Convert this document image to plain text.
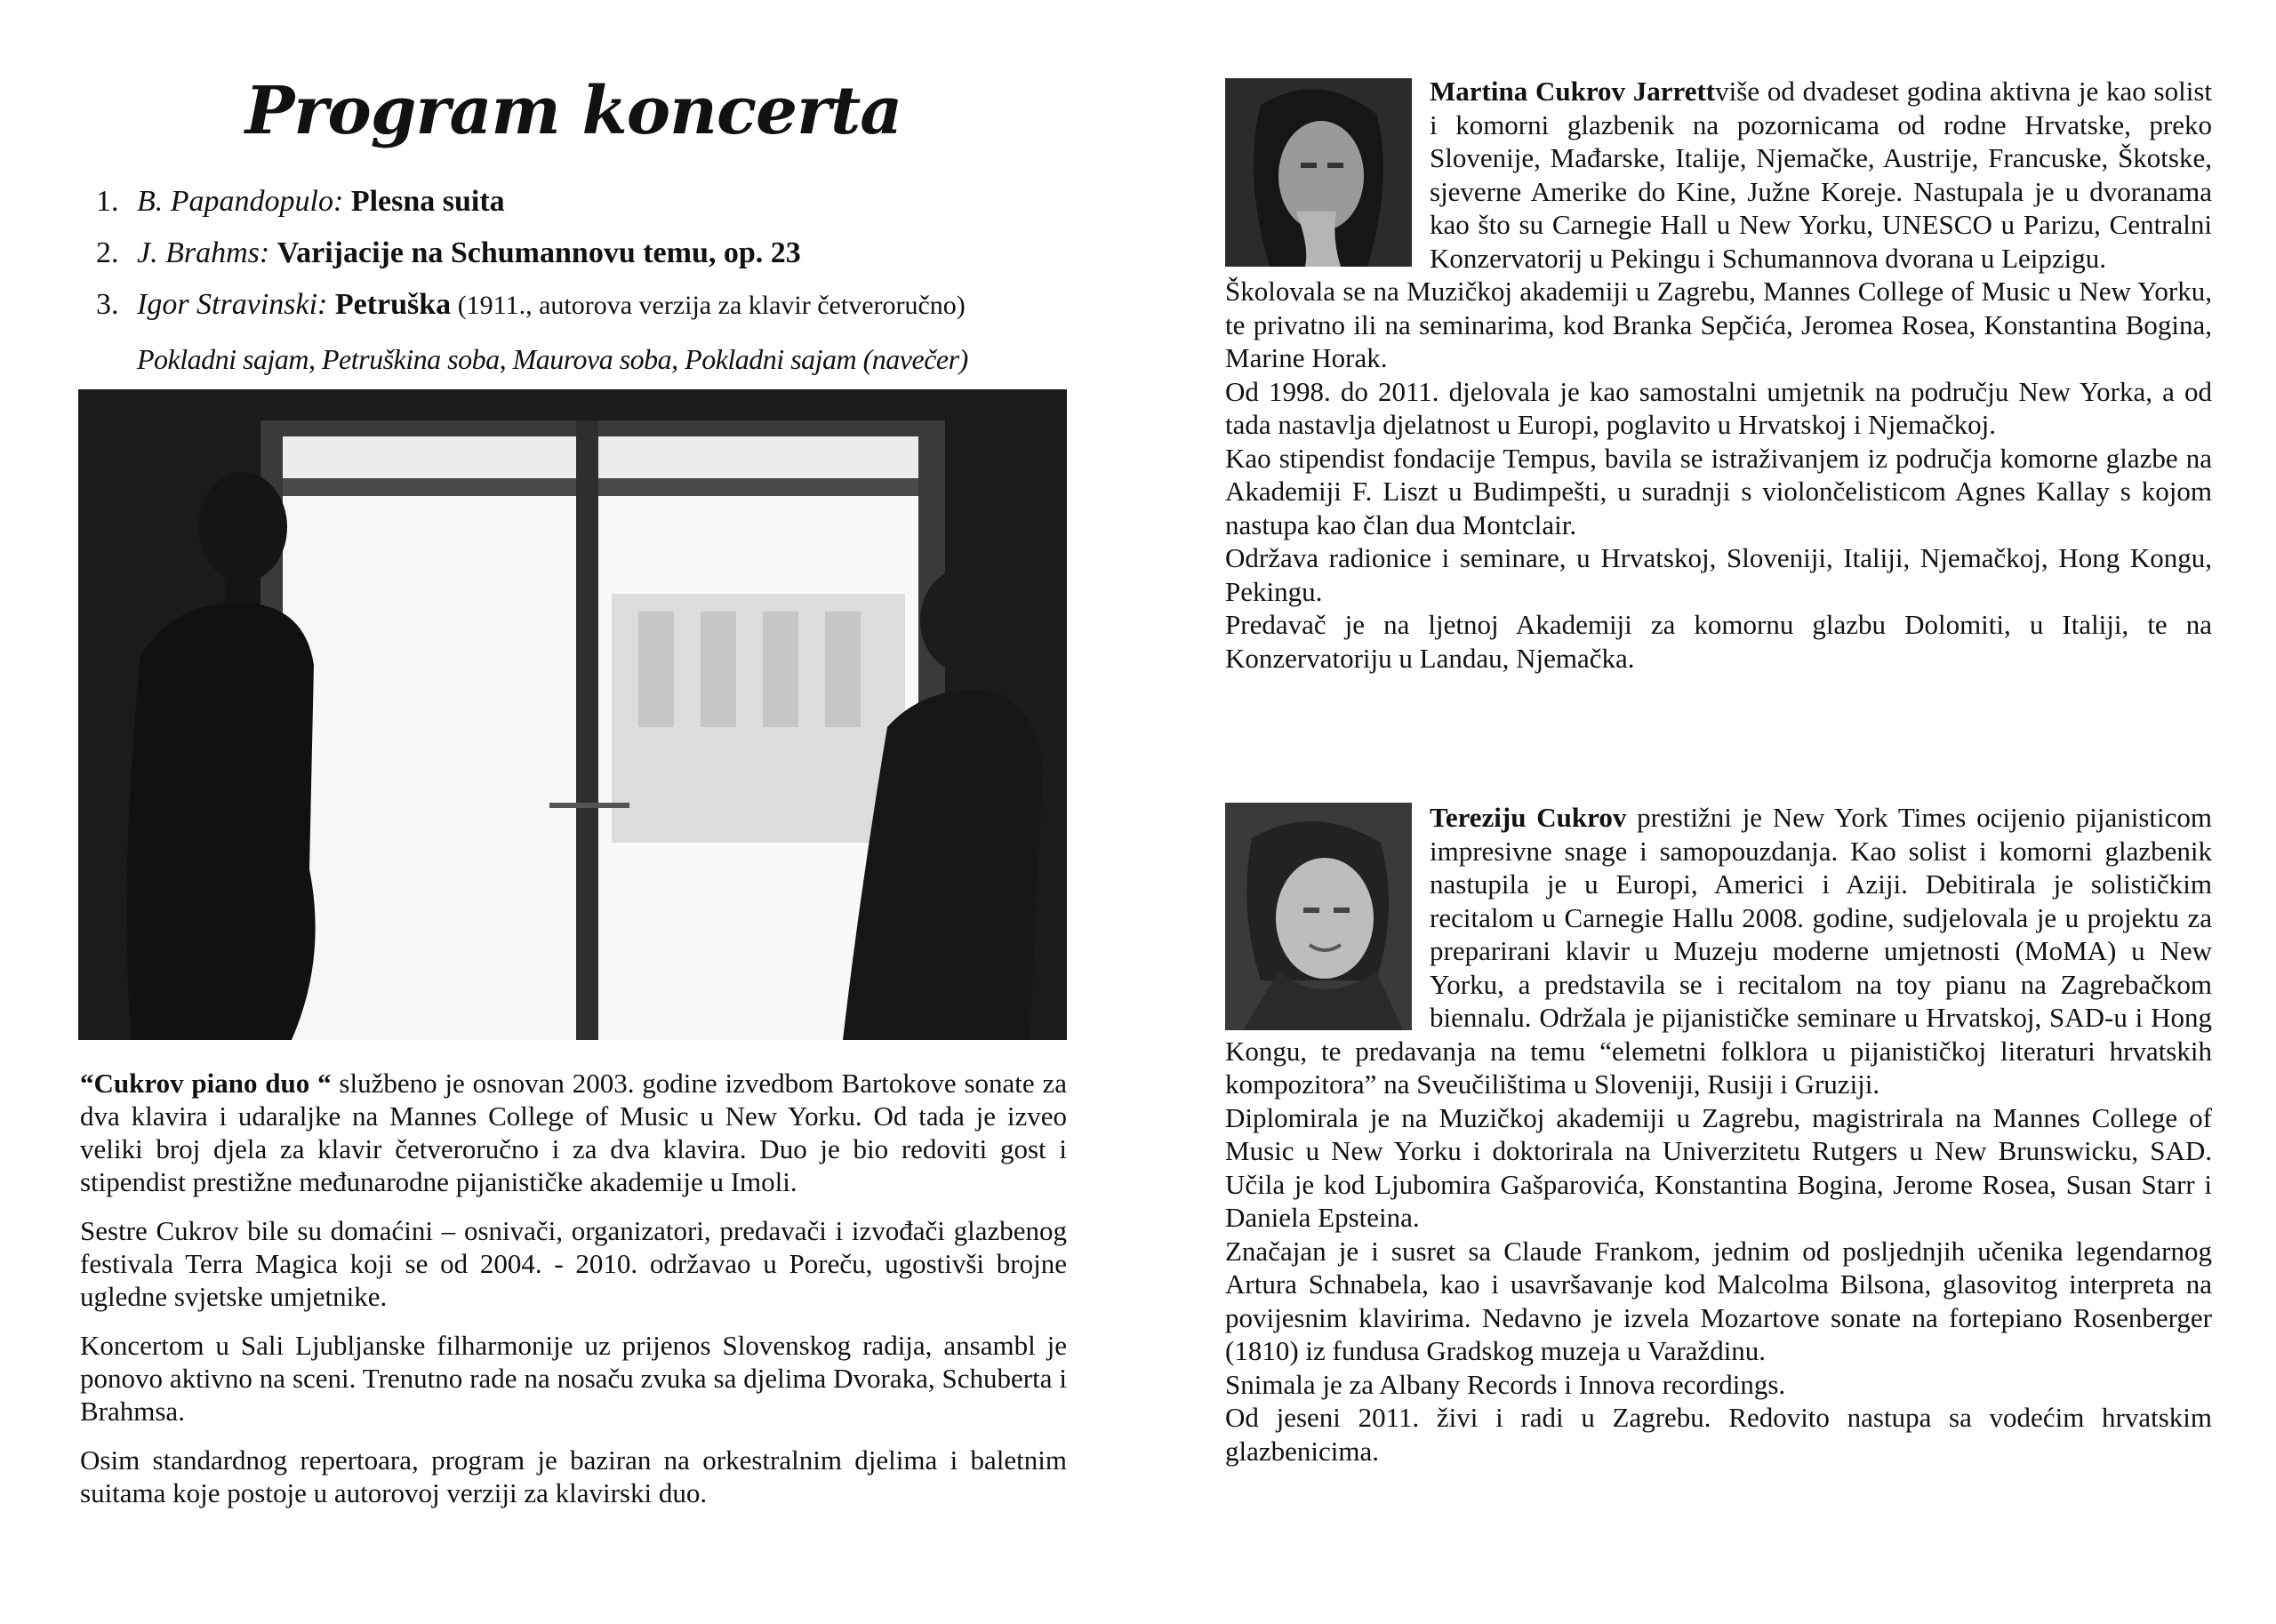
Program koncerta
1. B. Papandopulo: Plesna suita
2. J. Brahms: Varijacije na Schumannovu temu, op. 23
3. Igor Stravinski: Petruška (1911., autorova verzija za klavir četveroručno)
Pokladni sajam, Petruškina soba, Maurova soba, Pokladni sajam (navečer)

“Cukrov piano duo “ službeno je osnovan 2003. godine izvedbom Bartokove sonate za dva klavira i udaraljke na Mannes College of Music u New Yorku. Od tada je izveo veliki broj djela za klavir četveroručno i za dva klavira. Duo je bio redoviti gost i stipendist prestižne međunarodne pijanističke akademije u Imoli.

Sestre Cukrov bile su domaćini – osnivači, organizatori, predavači i izvođači glazbenog festivala Terra Magica koji se od 2004. - 2010. održavao u Poreču, ugostivši brojne ugledne svjetske umjetnike.

Koncertom u Sali Ljubljanske filharmonije uz prijenos Slovenskog radija, ansambl je ponovo aktivno na sceni. Trenutno rade na nosaču zvuka sa djelima Dvoraka, Schuberta i Brahmsa.

Osim standardnog repertoara, program je baziran na orkestralnim djelima i baletnim suitama koje postoje u autorovoj verziji za klavirski duo.

Martina Cukrov Jarrettviše od dvadeset godina aktivna je kao solist i komorni glazbenik na pozornicama od rodne Hrvatske, preko Slovenije, Mađarske, Italije, Njemačke, Austrije, Francuske, Škotske, sjeverne Amerike do Kine, Južne Koreje. Nastupala je u dvoranama kao što su Carnegie Hall u New Yorku, UNESCO u Parizu, Centralni Konzervatorij u Pekingu i Schumannova dvorana u Leipzigu.
Školovala se na Muzičkoj akademiji u Zagrebu, Mannes College of Music u New Yorku, te privatno ili na seminarima, kod Branka Sepčića, Jeromea Rosea, Konstantina Bogina, Marine Horak.
Od 1998. do 2011. djelovala je kao samostalni umjetnik na području New Yorka, a od tada nastavlja djelatnost u Europi, poglavito u Hrvatskoj i Njemačkoj.
Kao stipendist fondacije Tempus, bavila se istraživanjem iz područja komorne glazbe na Akademiji F. Liszt u Budimpešti, u suradnji s violončelisticom Agnes Kallay s kojom nastupa kao član dua Montclair.
Održava radionice i seminare, u Hrvatskoj, Sloveniji, Italiji, Njemačkoj, Hong Kongu, Pekingu.
Predavač je na ljetnoj Akademiji za komornu glazbu Dolomiti, u Italiji, te na Konzervatoriju u Landau, Njemačka.
Tereziju Cukrov prestižni je New York Times ocijenio pijanisticom impresivne snage i samopouzdanja. Kao solist i komorni glazbenik nastupila je u Europi, Americi i Aziji. Debitirala je solističkim recitalom u Carnegie Hallu 2008. godine, sudjelovala je u projektu za preparirani klavir u Muzeju moderne umjetnosti (MoMA) u New Yorku, a predstavila se i recitalom na toy pianu na Zagrebačkom biennalu. Održala je pijanističke seminare u Hrvatskoj, SAD-u i Hong Kongu, te predavanja na temu “elemetni folklora u pijanističkoj literaturi hrvatskih kompozitora” na Sveučilištima u Sloveniji, Rusiji i Gruziji.
Diplomirala je na Muzičkoj akademiji u Zagrebu, magistrirala na Mannes College of Music u New Yorku i doktorirala na Univerzitetu Rutgers u New Brunswicku, SAD. Učila je kod Ljubomira Gašparovića, Konstantina Bogina, Jerome Rosea, Susan Starr i Daniela Epsteina.
Značajan je i susret sa Claude Frankom, jednim od posljednjih učenika legendarnog Artura Schnabela, kao i usavršavanje kod Malcolma Bilsona, glasovitog interpreta na povijesnim klavirima. Nedavno je izvela Mozartove sonate na fortepiano Rosenberger (1810) iz fundusa Gradskog muzeja u Varaždinu.
Snimala je za Albany Records i Innova recordings.
Od jeseni 2011. živi i radi u Zagrebu. Redovito nastupa sa vodećim hrvatskim glazbenicima.
